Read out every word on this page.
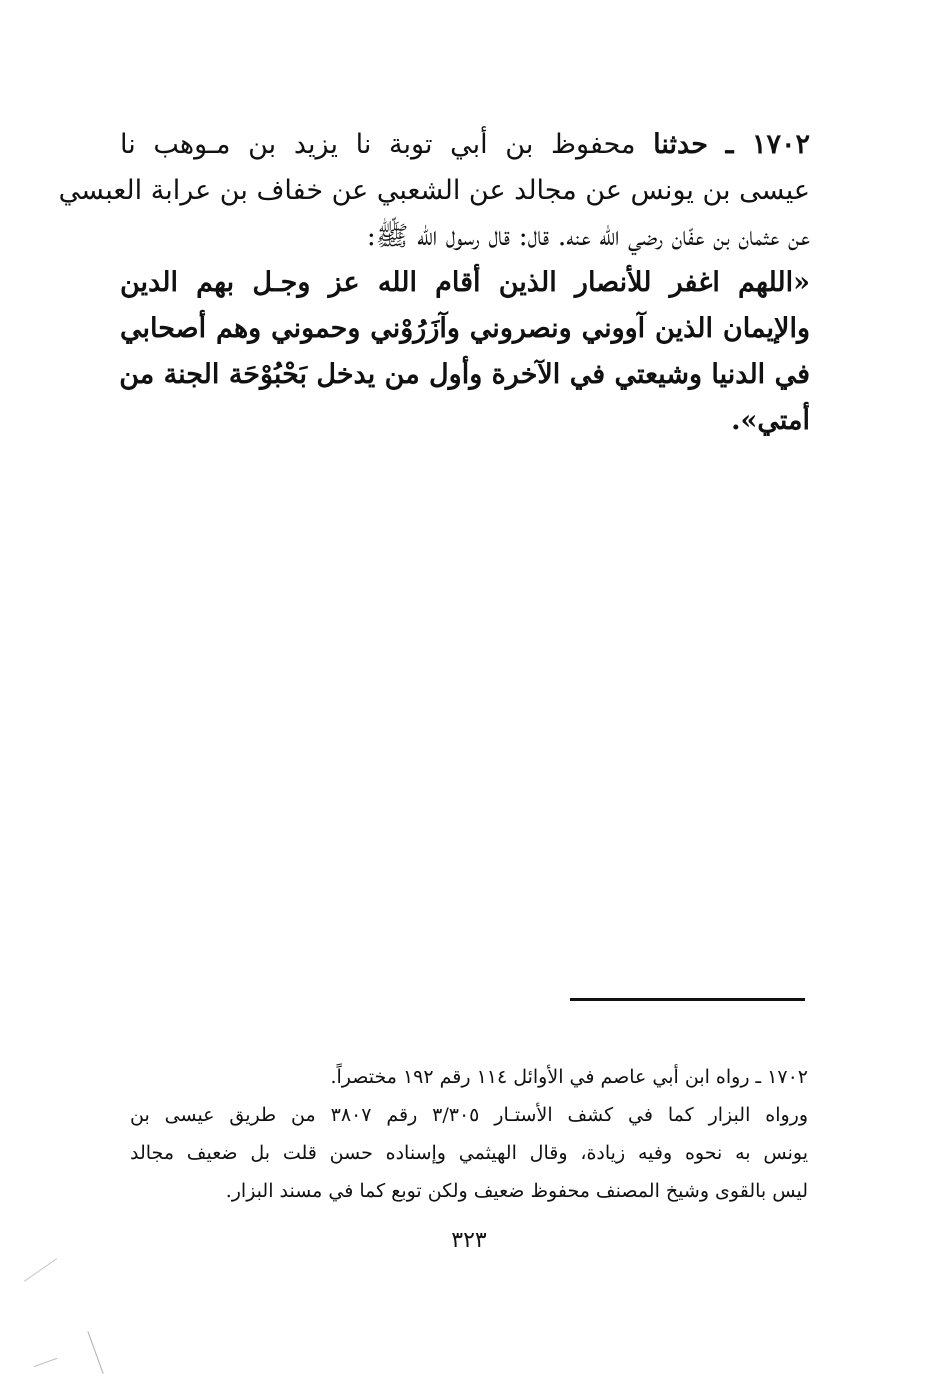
١٧٠٢ ـ حدثنا محفوظ بن أبي توبة نا يزيد بن مـوهب نا
عيسى بن يونس عن مجالد عن الشعبي عن خفاف بن عرابة العبسي
عن عثمان بن عفّان رضي الله عنه. قال: قال رسول الله ﷺ:
«اللهم اغفر للأنصار الذين أقام الله عز وجـل بهم الدين
والإيمان الذين آووني ونصروني وآزَرُوْني وحموني وهم أصحابي
في الدنيا وشيعتي في الآخرة وأول من يدخل بَحْبُوْحَة الجنة من
أمتي».
١٧٠٢ ـ رواه ابن أبي عاصم في الأوائل ١١٤ رقم ١٩٢ مختصراً.
ورواه البزار كما في كشف الأستـار ٣/٣٠٥ رقم ٣٨٠٧ من طريق عيسى بن
يونس به نحوه وفيه زيادة، وقال الهيثمي وإسناده حسن قلت بل ضعيف مجالد
ليس بالقوى وشيخ المصنف محفوظ ضعيف ولكن توبع كما في مسند البزار.
٣٢٣
